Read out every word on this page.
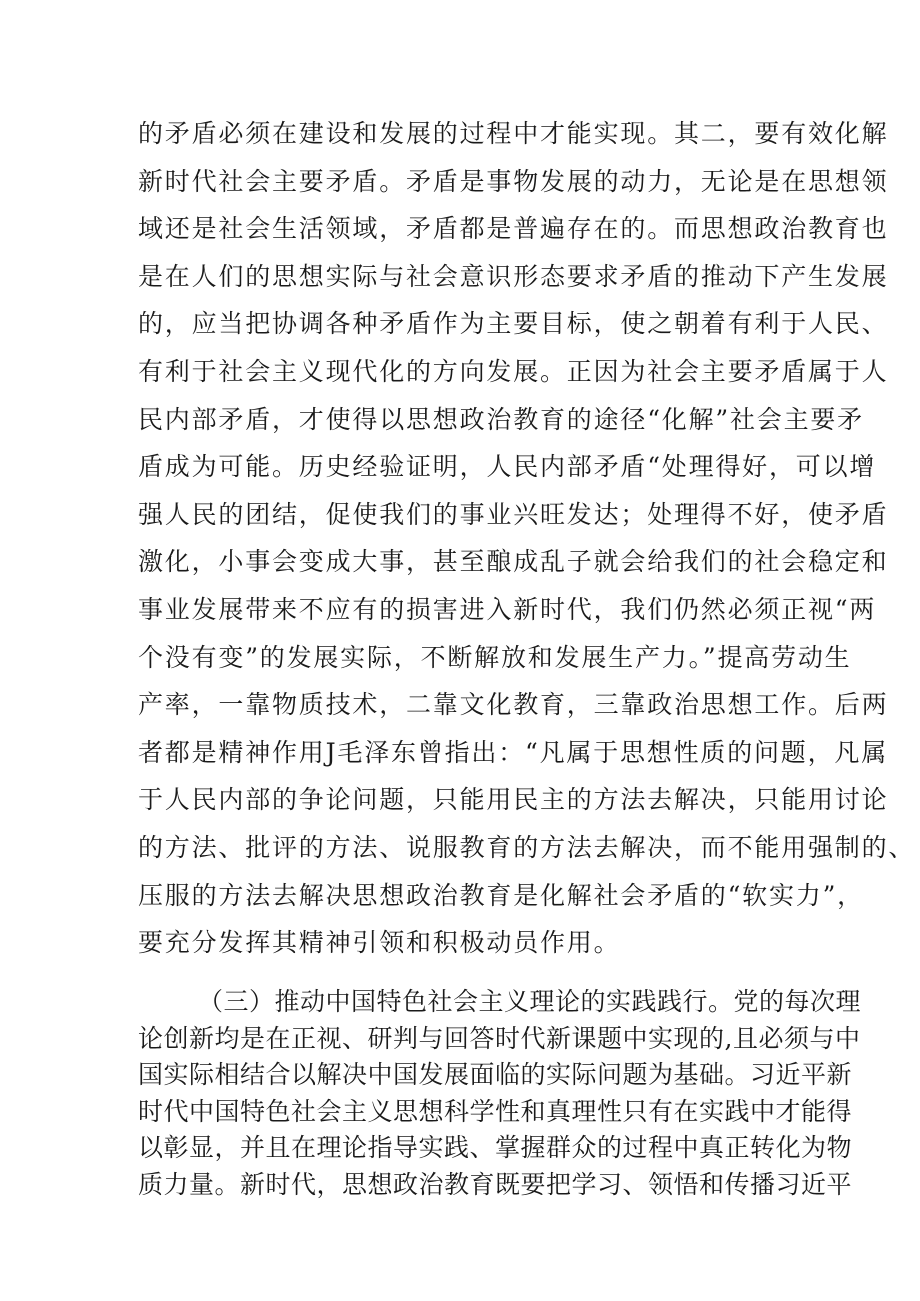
的矛盾必须在建设和发展的过程中才能实现。其二，要有效化解
新时代社会主要矛盾。矛盾是事物发展的动力，无论是在思想领
域还是社会生活领域，矛盾都是普遍存在的。而思想政治教育也
是在人们的思想实际与社会意识形态要求矛盾的推动下产生发展
的，应当把协调各种矛盾作为主要目标，使之朝着有利于人民、
有利于社会主义现代化的方向发展。正因为社会主要矛盾属于人
民内部矛盾，才使得以思想政治教育的途径“化解”社会主要矛
盾成为可能。历史经验证明，人民内部矛盾“处理得好，可以增
强人民的团结，促使我们的事业兴旺发达；处理得不好，使矛盾
激化，小事会变成大事，甚至酿成乱子就会给我们的社会稳定和
事业发展带来不应有的损害进入新时代，我们仍然必须正视“两
个没有变”的发展实际，不断解放和发展生产力。”提高劳动生
产率，一靠物质技术，二靠文化教育，三靠政治思想工作。后两
者都是精神作用J毛泽东曾指出：“凡属于思想性质的问题，凡属
于人民内部的争论问题，只能用民主的方法去解决，只能用讨论
的方法、批评的方法、说服教育的方法去解决，而不能用强制的、
压服的方法去解决思想政治教育是化解社会矛盾的“软实力”，
要充分发挥其精神引领和积极动员作用。
（三）推动中国特色社会主义理论的实践践行。党的每次理
论创新均是在正视、研判与回答时代新课题中实现的,且必须与中
国实际相结合以解决中国发展面临的实际问题为基础。习近平新
时代中国特色社会主义思想科学性和真理性只有在实践中才能得
以彰显，并且在理论指导实践、掌握群众的过程中真正转化为物
质力量。新时代，思想政治教育既要把学习、领悟和传播习近平
